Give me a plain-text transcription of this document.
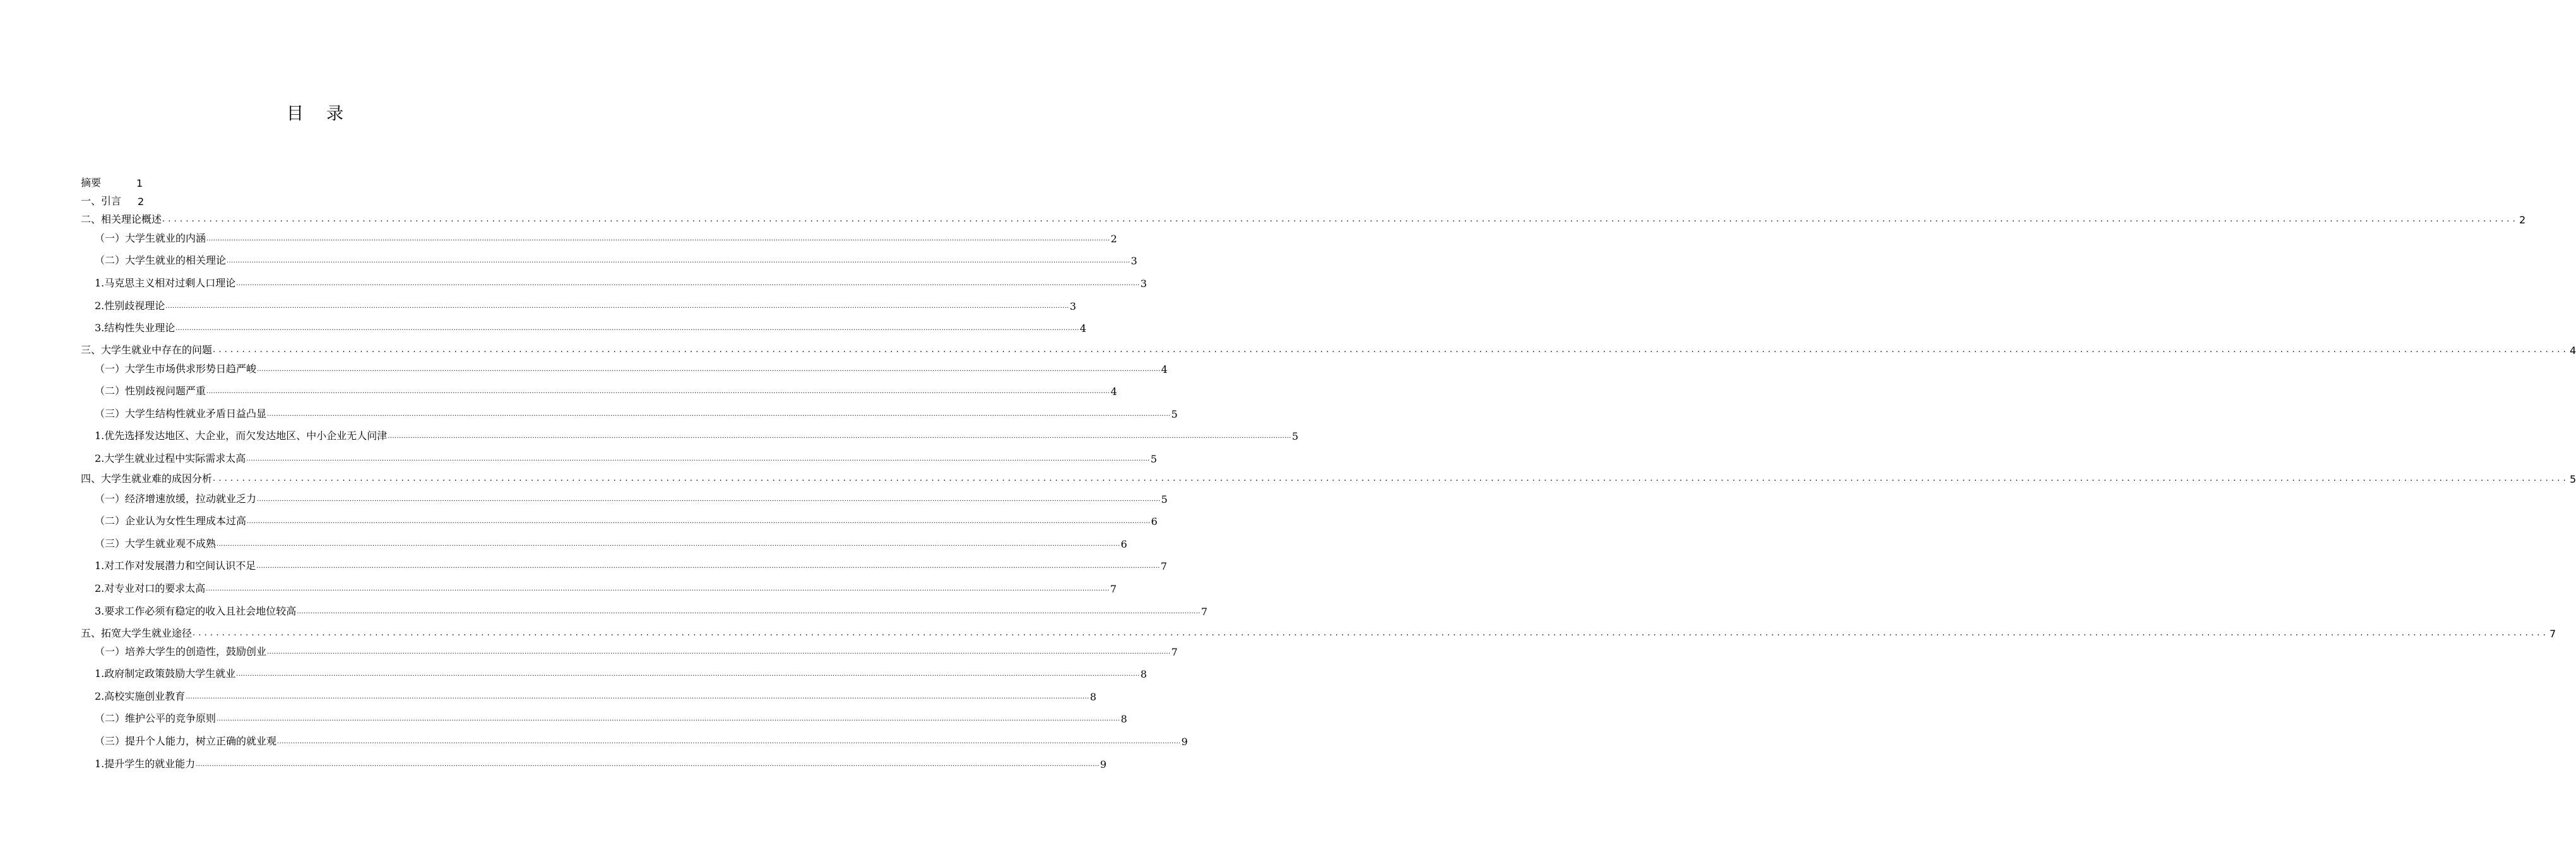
目 录
摘要	1
一、引言 2
二、相关理论概述 ................................................................................................................................................................................................................................................................................................................................................................................................................ 2
（一）大学生就业的内涵 ................................................................................................................................................................................................................................................................................................................................................................................................................ 2
（二）大学生就业的相关理论 ................................................................................................................................................................................................................................................................................................................................................................................................................ 3
1.马克思主义相对过剩人口理论 ................................................................................................................................................................................................................................................................................................................................................................................................................ 3
2.性别歧视理论 ................................................................................................................................................................................................................................................................................................................................................................................................................ 3
3.结构性失业理论 ................................................................................................................................................................................................................................................................................................................................................................................................................ 4
三、大学生就业中存在的问题 ................................................................................................................................................................................................................................................................................................................................................................................................................ 4
（一）大学生市场供求形势日趋严峻 ................................................................................................................................................................................................................................................................................................................................................................................................................ 4
（二）性别歧视问题严重 ................................................................................................................................................................................................................................................................................................................................................................................................................ 4
（三）大学生结构性就业矛盾日益凸显 ................................................................................................................................................................................................................................................................................................................................................................................................................ 5
1.优先选择发达地区、大企业，而欠发达地区、中小企业无人问津 ................................................................................................................................................................................................................................................................................................................................................................................................................ 5
2.大学生就业过程中实际需求太高 ................................................................................................................................................................................................................................................................................................................................................................................................................ 5
四、大学生就业难的成因分析 ................................................................................................................................................................................................................................................................................................................................................................................................................ 5
（一）经济增速放缓，拉动就业乏力 ................................................................................................................................................................................................................................................................................................................................................................................................................ 5
（二）企业认为女性生理成本过高 ................................................................................................................................................................................................................................................................................................................................................................................................................ 6
（三）大学生就业观不成熟 ................................................................................................................................................................................................................................................................................................................................................................................................................ 6
1.对工作对发展潜力和空间认识不足 ................................................................................................................................................................................................................................................................................................................................................................................................................ 7
2.对专业对口的要求太高 ................................................................................................................................................................................................................................................................................................................................................................................................................ 7
3.要求工作必须有稳定的收入且社会地位较高 ................................................................................................................................................................................................................................................................................................................................................................................................................ 7
五、拓宽大学生就业途径 ................................................................................................................................................................................................................................................................................................................................................................................................................ 7
（一）培养大学生的创造性，鼓励创业 ................................................................................................................................................................................................................................................................................................................................................................................................................ 7
1.政府制定政策鼓励大学生就业 ................................................................................................................................................................................................................................................................................................................................................................................................................ 8
2.高校实施创业教育 ................................................................................................................................................................................................................................................................................................................................................................................................................ 8
（二）维护公平的竞争原则 ................................................................................................................................................................................................................................................................................................................................................................................................................ 8
（三）提升个人能力，树立正确的就业观 ................................................................................................................................................................................................................................................................................................................................................................................................................ 9
1.提升学生的就业能力 ................................................................................................................................................................................................................................................................................................................................................................................................................ 9
